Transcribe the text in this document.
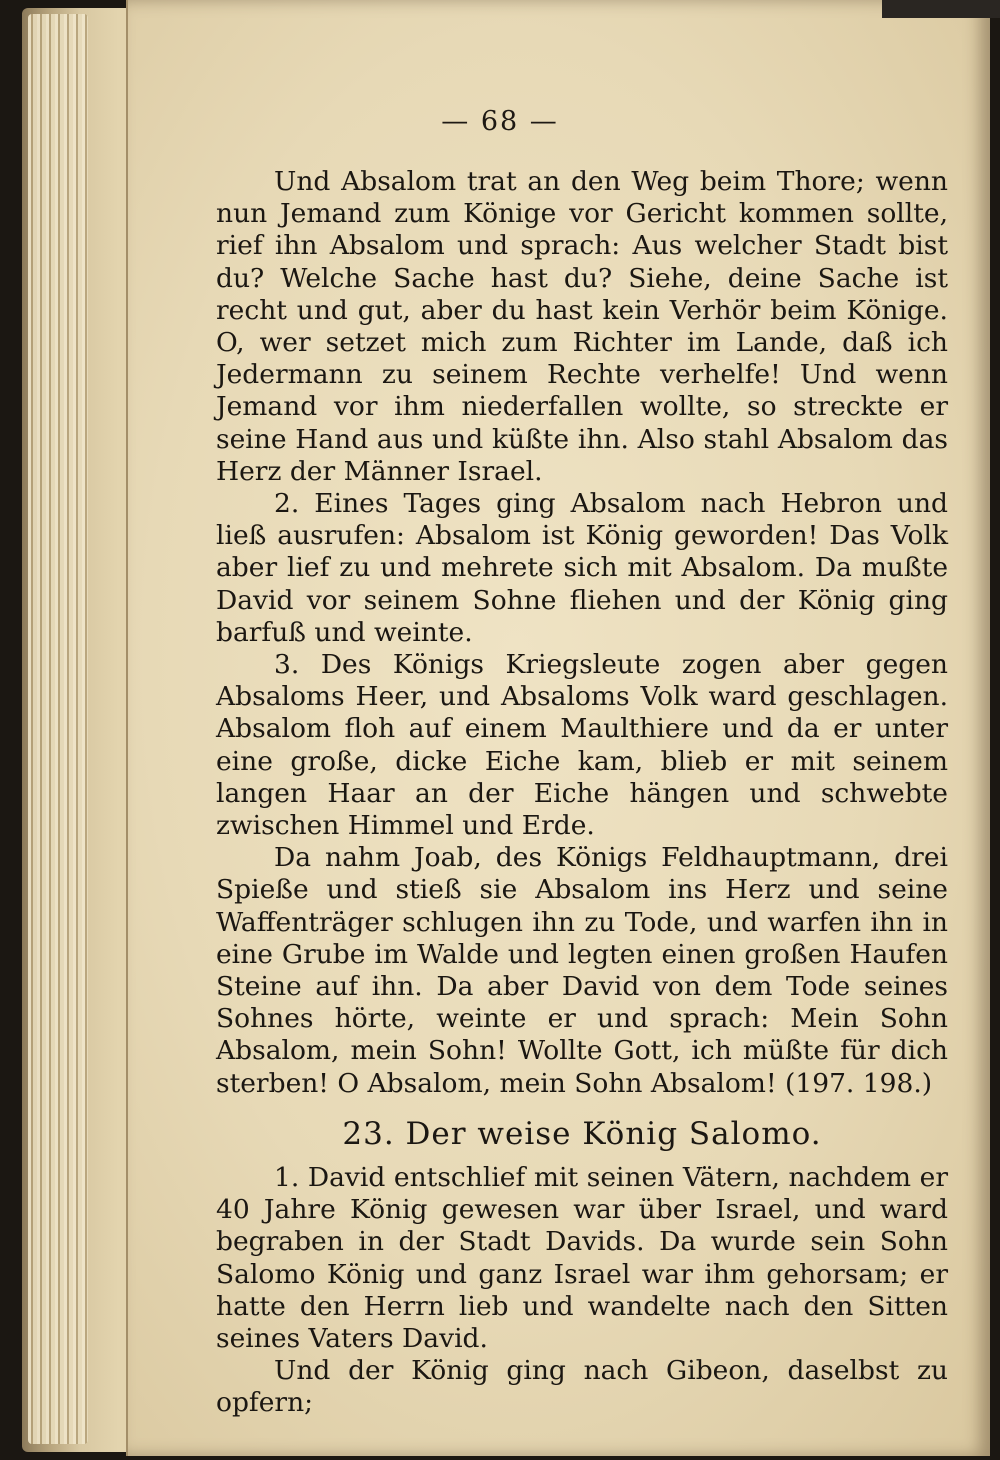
— 68 —

Und Absalom trat an den Weg beim Thore; wenn nun Jemand zum Könige vor Gericht kommen sollte, rief ihn Absalom und sprach: Aus welcher Stadt bist du? Welche Sache hast du? Siehe, deine Sache ist recht und gut, aber du hast kein Verhör beim Könige. O, wer setzet mich zum Richter im Lande, daß ich Jedermann zu seinem Rechte verhelfe! Und wenn Jemand vor ihm niederfallen wollte, so streckte er seine Hand aus und küßte ihn. Also stahl Absalom das Herz der Männer Israel.

2. Eines Tages ging Absalom nach Hebron und ließ ausrufen: Absalom ist König geworden! Das Volk aber lief zu und mehrete sich mit Absalom. Da mußte David vor seinem Sohne fliehen und der König ging barfuß und weinte.

3. Des Königs Kriegsleute zogen aber gegen Absaloms Heer, und Absaloms Volk ward geschlagen. Absalom floh auf einem Maulthiere und da er unter eine große, dicke Eiche kam, blieb er mit seinem langen Haar an der Eiche hängen und schwebte zwischen Himmel und Erde.

Da nahm Joab, des Königs Feldhauptmann, drei Spieße und stieß sie Absalom ins Herz und seine Waffenträger schlugen ihn zu Tode, und warfen ihn in eine Grube im Walde und legten einen großen Haufen Steine auf ihn. Da aber David von dem Tode seines Sohnes hörte, weinte er und sprach: Mein Sohn Absalom, mein Sohn! Wollte Gott, ich müßte für dich sterben! O Absalom, mein Sohn Absalom! (197. 198.)

23. Der weise König Salomo.

1. David entschlief mit seinen Vätern, nachdem er 40 Jahre König gewesen war über Israel, und ward begraben in der Stadt Davids. Da wurde sein Sohn Salomo König und ganz Israel war ihm gehorsam; er hatte den Herrn lieb und wandelte nach den Sitten seines Vaters David.

Und der König ging nach Gibeon, daselbst zu opfern;
